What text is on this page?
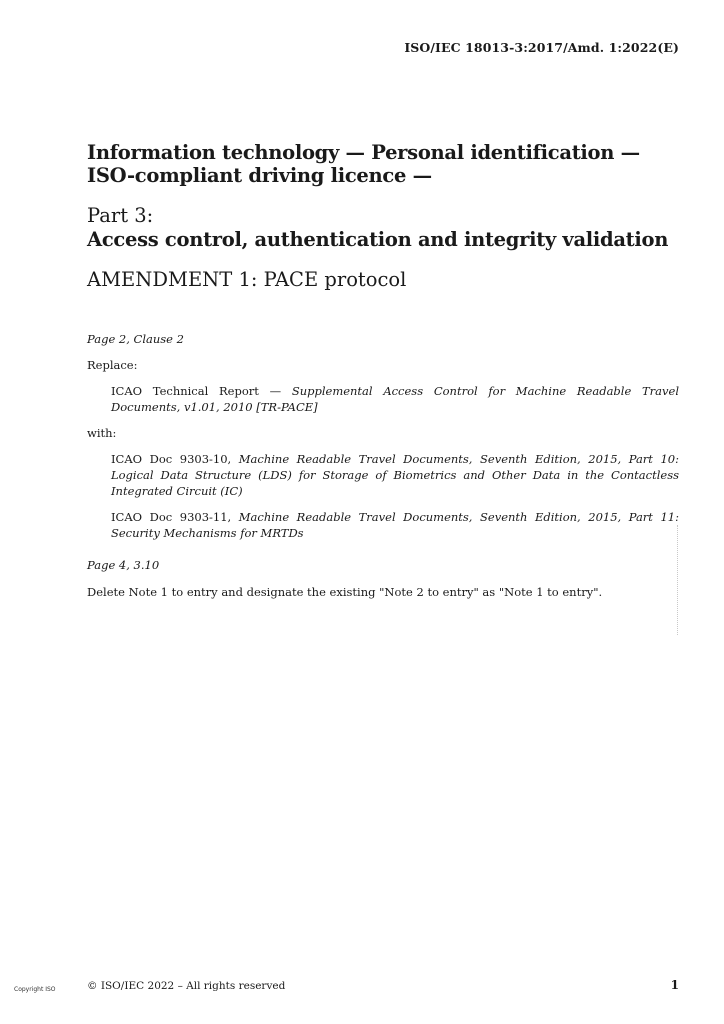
ISO/IEC 18013-3:2017/Amd. 1:2022(E)
Information technology — Personal identification — ISO-compliant driving licence —

Part 3:

Access control, authentication and integrity validation

AMENDMENT 1: PACE protocol

Page 2, Clause 2

Replace:

ICAO Technical Report — Supplemental Access Control for Machine Readable Travel Documents, v1.01, 2010 [TR-PACE]

with:

ICAO Doc 9303-10, Machine Readable Travel Documents, Seventh Edition, 2015, Part 10: Logical Data Structure (LDS) for Storage of Biometrics and Other Data in the Contactless Integrated Circuit (IC)

ICAO Doc 9303-11, Machine Readable Travel Documents, Seventh Edition, 2015, Part 11: Security Mechanisms for MRTDs

Page 4, 3.10

Delete Note 1 to entry and designate the existing "Note 2 to entry" as "Note 1 to entry".

Copyright ISO	© ISO/IEC 2022 – All rights reserved	1
